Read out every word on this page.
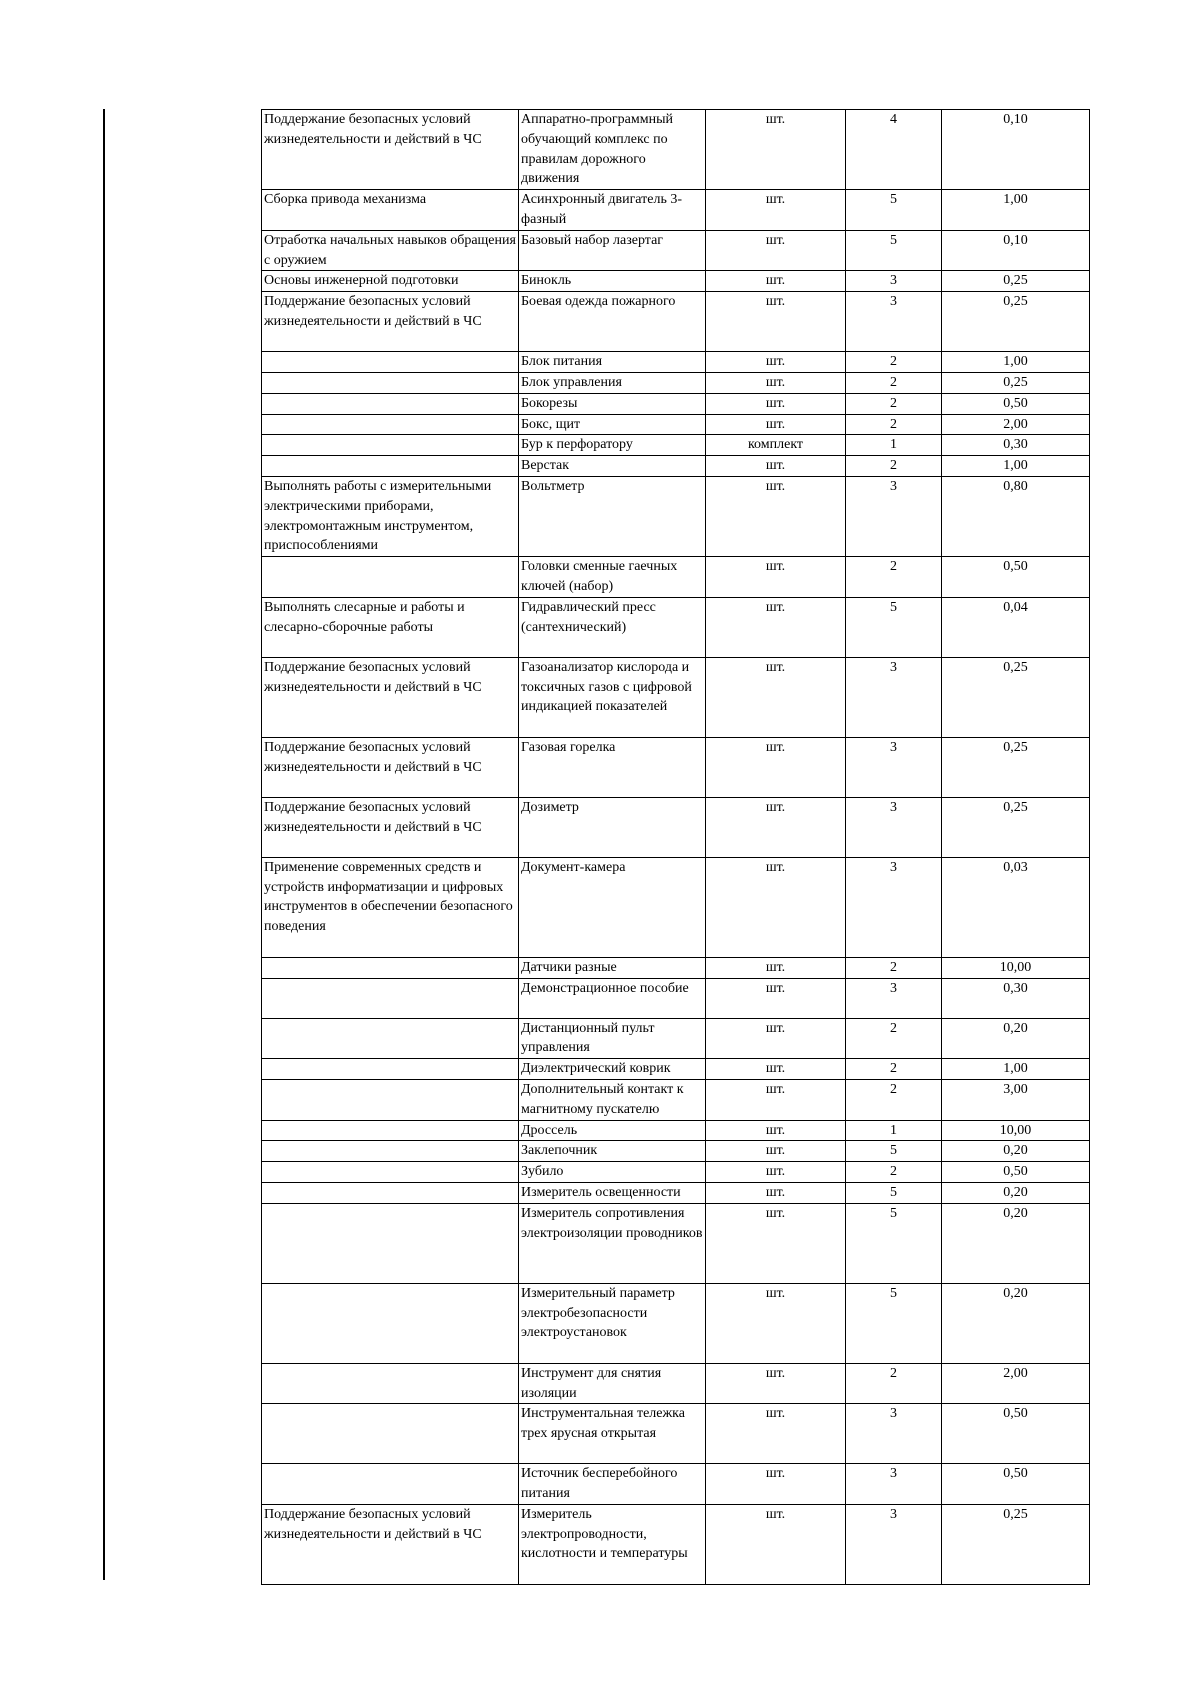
Поддержание безопасных условий жизнедеятельности и действий в ЧС	Аппаратно-программный обучающий комплекс по правилам дорожного движения	шт.	4	0,10
Сборка привода механизма	Асинхронный двигатель 3-фазный	шт.	5	1,00
Отработка начальных навыков обращения с оружием	Базовый набор лазертаг	шт.	5	0,10
Основы инженерной подготовки	Бинокль	шт.	3	0,25
Поддержание безопасных условий жизнедеятельности и действий в ЧС	Боевая одежда пожарного	шт.	3	0,25
	Блок питания	шт.	2	1,00
	Блок управления	шт.	2	0,25
	Бокорезы	шт.	2	0,50
	Бокс, щит	шт.	2	2,00
	Бур к перфоратору	комплект	1	0,30
	Верстак	шт.	2	1,00
Выполнять работы с измерительными электрическими приборами, электромонтажным инструментом, приспособлениями	Вольтметр	шт.	3	0,80
	Головки сменные гаечных ключей (набор)	шт.	2	0,50
Выполнять слесарные и работы и слесарно-сборочные работы	Гидравлический пресс (сантехнический)	шт.	5	0,04
Поддержание безопасных условий жизнедеятельности и действий в ЧС	Газоанализатор кислорода и токсичных газов с цифровой индикацией показателей	шт.	3	0,25
Поддержание безопасных условий жизнедеятельности и действий в ЧС	Газовая горелка	шт.	3	0,25
Поддержание безопасных условий жизнедеятельности и действий в ЧС	Дозиметр	шт.	3	0,25
Применение современных средств и устройств информатизации и цифровых инструментов в обеспечении безопасного поведения	Документ-камера	шт.	3	0,03
	Датчики разные	шт.	2	10,00
	Демонстрационное пособие	шт.	3	0,30
	Дистанционный пульт управления	шт.	2	0,20
	Диэлектрический коврик	шт.	2	1,00
	Дополнительный контакт к магнитному пускателю	шт.	2	3,00
	Дроссель	шт.	1	10,00
	Заклепочник	шт.	5	0,20
	Зубило	шт.	2	0,50
	Измеритель освещенности	шт.	5	0,20
	Измеритель сопротивления электроизоляции проводников	шт.	5	0,20
	Измерительный параметр электробезопасности электроустановок	шт.	5	0,20
	Инструмент для снятия изоляции	шт.	2	2,00
	Инструментальная тележка трех ярусная открытая	шт.	3	0,50
	Источник бесперебойного питания	шт.	3	0,50
Поддержание безопасных условий жизнедеятельности и действий в ЧС	Измеритель электропроводности, кислотности и температуры	шт.	3	0,25
